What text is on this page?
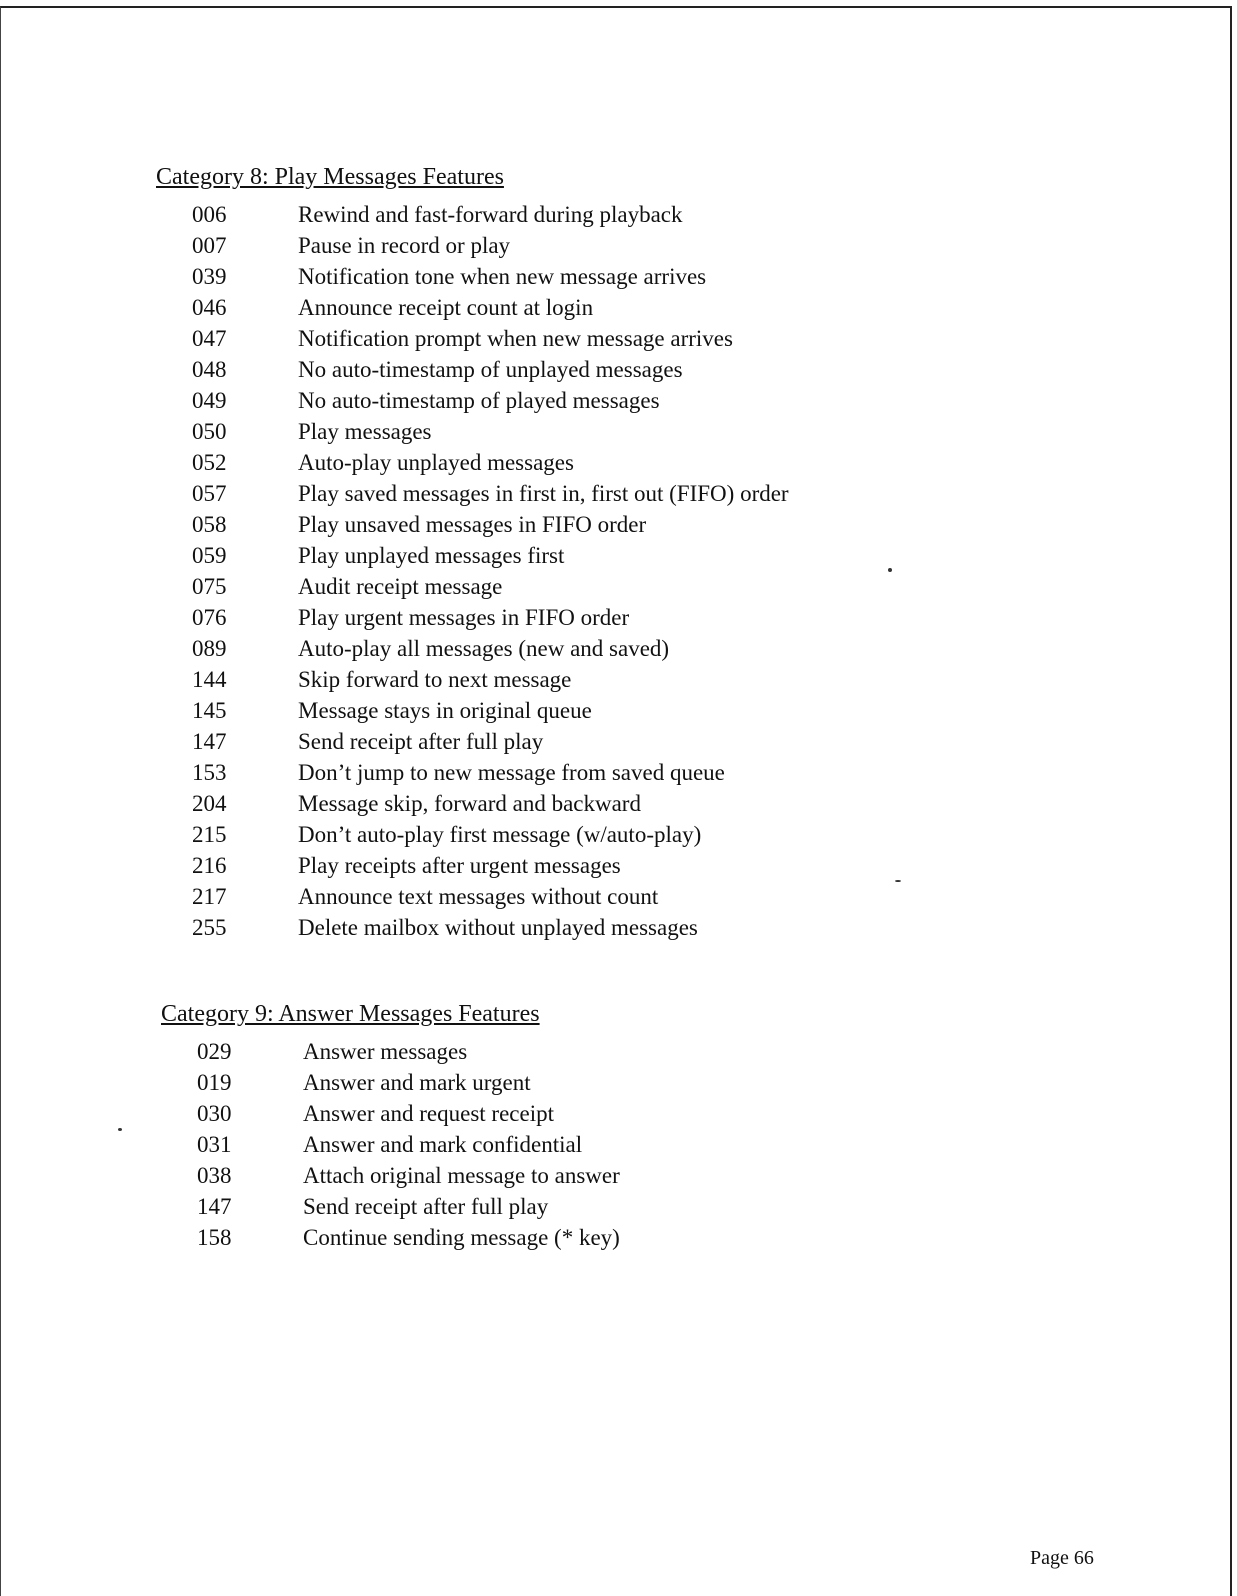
Category 8: Play Messages Features
006	Rewind and fast-forward during playback
007	Pause in record or play
039	Notification tone when new message arrives
046	Announce receipt count at login
047	Notification prompt when new message arrives
048	No auto-timestamp of unplayed messages
049	No auto-timestamp of played messages
050	Play messages
052	Auto-play unplayed messages
057	Play saved messages in first in, first out (FIFO) order
058	Play unsaved messages in FIFO order
059	Play unplayed messages first
075	Audit receipt message
076	Play urgent messages in FIFO order
089	Auto-play all messages (new and saved)
144	Skip forward to next message
145	Message stays in original queue
147	Send receipt after full play
153	Don’t jump to new message from saved queue
204	Message skip, forward and backward
215	Don’t auto-play first message (w/auto-play)
216	Play receipts after urgent messages
217	Announce text messages without count
255	Delete mailbox without unplayed messages
Category 9: Answer Messages Features
029	Answer messages
019	Answer and mark urgent
030	Answer and request receipt
031	Answer and mark confidential
038	Attach original message to answer
147	Send receipt after full play
158	Continue sending message (* key)
Page 66
